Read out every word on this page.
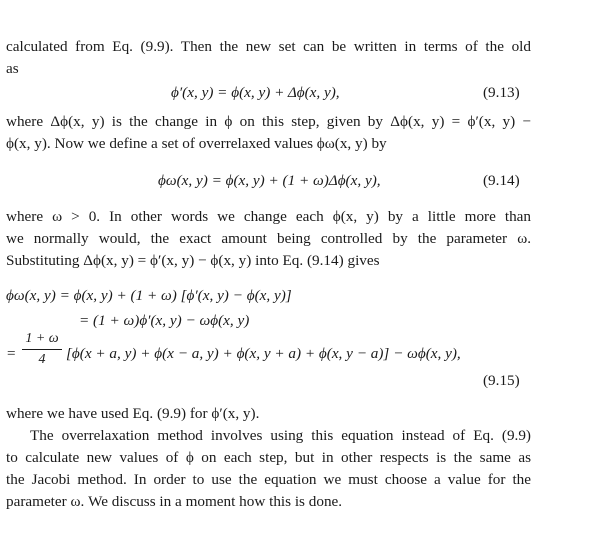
calculated from Eq. (9.9). Then the new set can be written in terms of the old
as
ϕ′(x, y) = ϕ(x, y) + Δϕ(x, y),	(9.13)
where Δϕ(x, y) is the change in ϕ on this step, given by Δϕ(x, y) = ϕ′(x, y) −
ϕ(x, y). Now we define a set of overrelaxed values ϕω(x, y) by
ϕω(x, y) = ϕ(x, y) + (1 + ω)Δϕ(x, y),	(9.14)
where ω > 0. In other words we change each ϕ(x, y) by a little more than
we normally would, the exact amount being controlled by the parameter ω.
Substituting Δϕ(x, y) = ϕ′(x, y) − ϕ(x, y) into Eq. (9.14) gives
ϕω(x, y) = ϕ(x, y) + (1 + ω) [ϕ′(x, y) − ϕ(x, y)]
= (1 + ω)ϕ′(x, y) − ωϕ(x, y)
=
1 + ω
4	[ϕ(x + a, y) + ϕ(x − a, y) + ϕ(x, y + a) + ϕ(x, y − a)] − ωϕ(x, y),
(9.15)
where we have used Eq. (9.9) for ϕ′(x, y).
The overrelaxation method involves using this equation instead of Eq. (9.9)
to calculate new values of ϕ on each step, but in other respects is the same as
the Jacobi method. In order to use the equation we must choose a value for the
parameter ω. We discuss in a moment how this is done.
